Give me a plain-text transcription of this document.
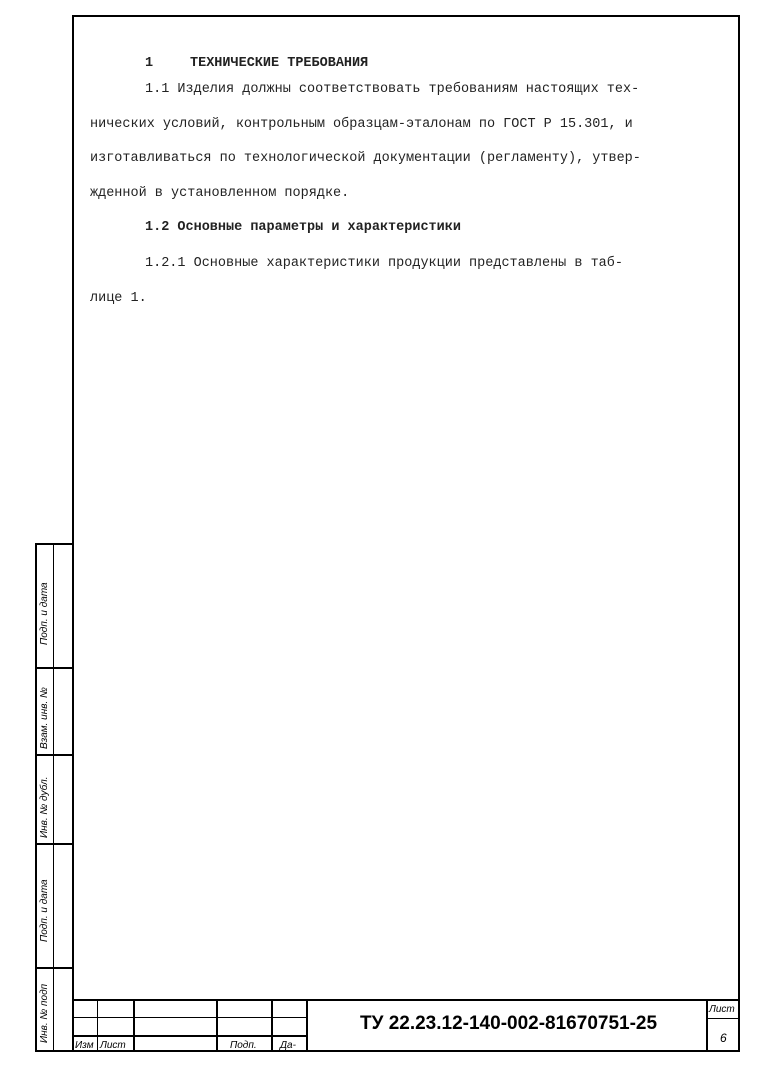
1	ТЕХНИЧЕСКИЕ ТРЕБОВАНИЯ
1.1 Изделия должны соответствовать требованиям настоящих тех-
нических условий, контрольным образцам-эталонам по ГОСТ Р 15.301, и
изготавливаться по технологической документации (регламенту), утвер-
жденной в установленном порядке.
1.2 Основные параметры и характеристики
1.2.1 Основные характеристики продукции представлены в таб-
лице 1.
Подп. и дата
Взам. инв. №
Инв. № дубл.
Подп. и дата
Инв. № подп
Изм Лист	Подп. Да-
ТУ 22.23.12-140-002-81670751-25
Лист
6
